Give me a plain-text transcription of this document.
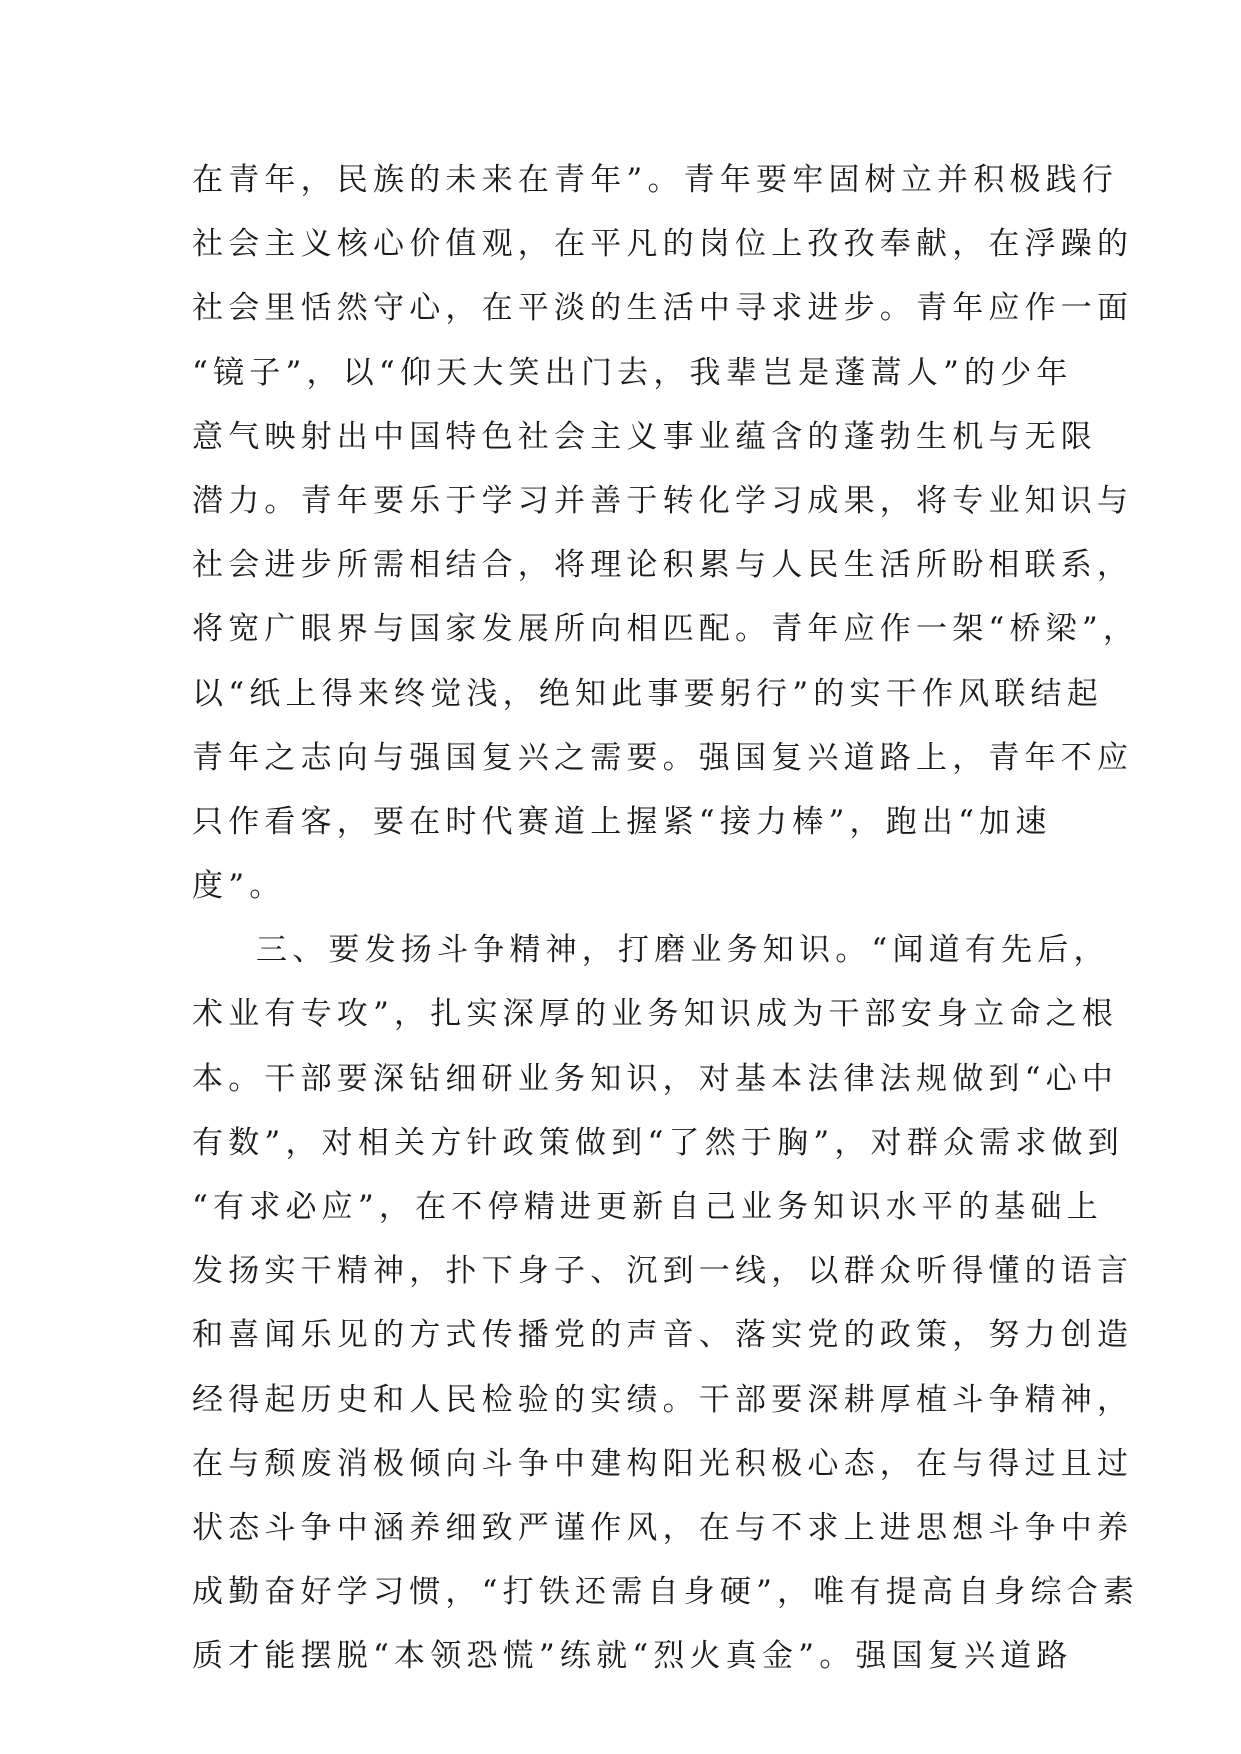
在青年，民族的未来在青年”。青年要牢固树立并积极践行
社会主义核心价值观，在平凡的岗位上孜孜奉献，在浮躁的
社会里恬然守心，在平淡的生活中寻求进步。青年应作一面
“镜子”，以“仰天大笑出门去，我辈岂是蓬蒿人”的少年
意气映射出中国特色社会主义事业蕴含的蓬勃生机与无限
潜力。青年要乐于学习并善于转化学习成果，将专业知识与
社会进步所需相结合，将理论积累与人民生活所盼相联系，
将宽广眼界与国家发展所向相匹配。青年应作一架“桥梁”，
以“纸上得来终觉浅，绝知此事要躬行”的实干作风联结起
青年之志向与强国复兴之需要。强国复兴道路上，青年不应
只作看客，要在时代赛道上握紧“接力棒”，跑出“加速
度”。
三、要发扬斗争精神，打磨业务知识。“闻道有先后，
术业有专攻”，扎实深厚的业务知识成为干部安身立命之根
本。干部要深钻细研业务知识，对基本法律法规做到“心中
有数”，对相关方针政策做到“了然于胸”，对群众需求做到
“有求必应”，在不停精进更新自己业务知识水平的基础上
发扬实干精神，扑下身子、沉到一线，以群众听得懂的语言
和喜闻乐见的方式传播党的声音、落实党的政策，努力创造
经得起历史和人民检验的实绩。干部要深耕厚植斗争精神，
在与颓废消极倾向斗争中建构阳光积极心态，在与得过且过
状态斗争中涵养细致严谨作风，在与不求上进思想斗争中养
成勤奋好学习惯，“打铁还需自身硬”，唯有提高自身综合素
质才能摆脱“本领恐慌”练就“烈火真金”。强国复兴道路
